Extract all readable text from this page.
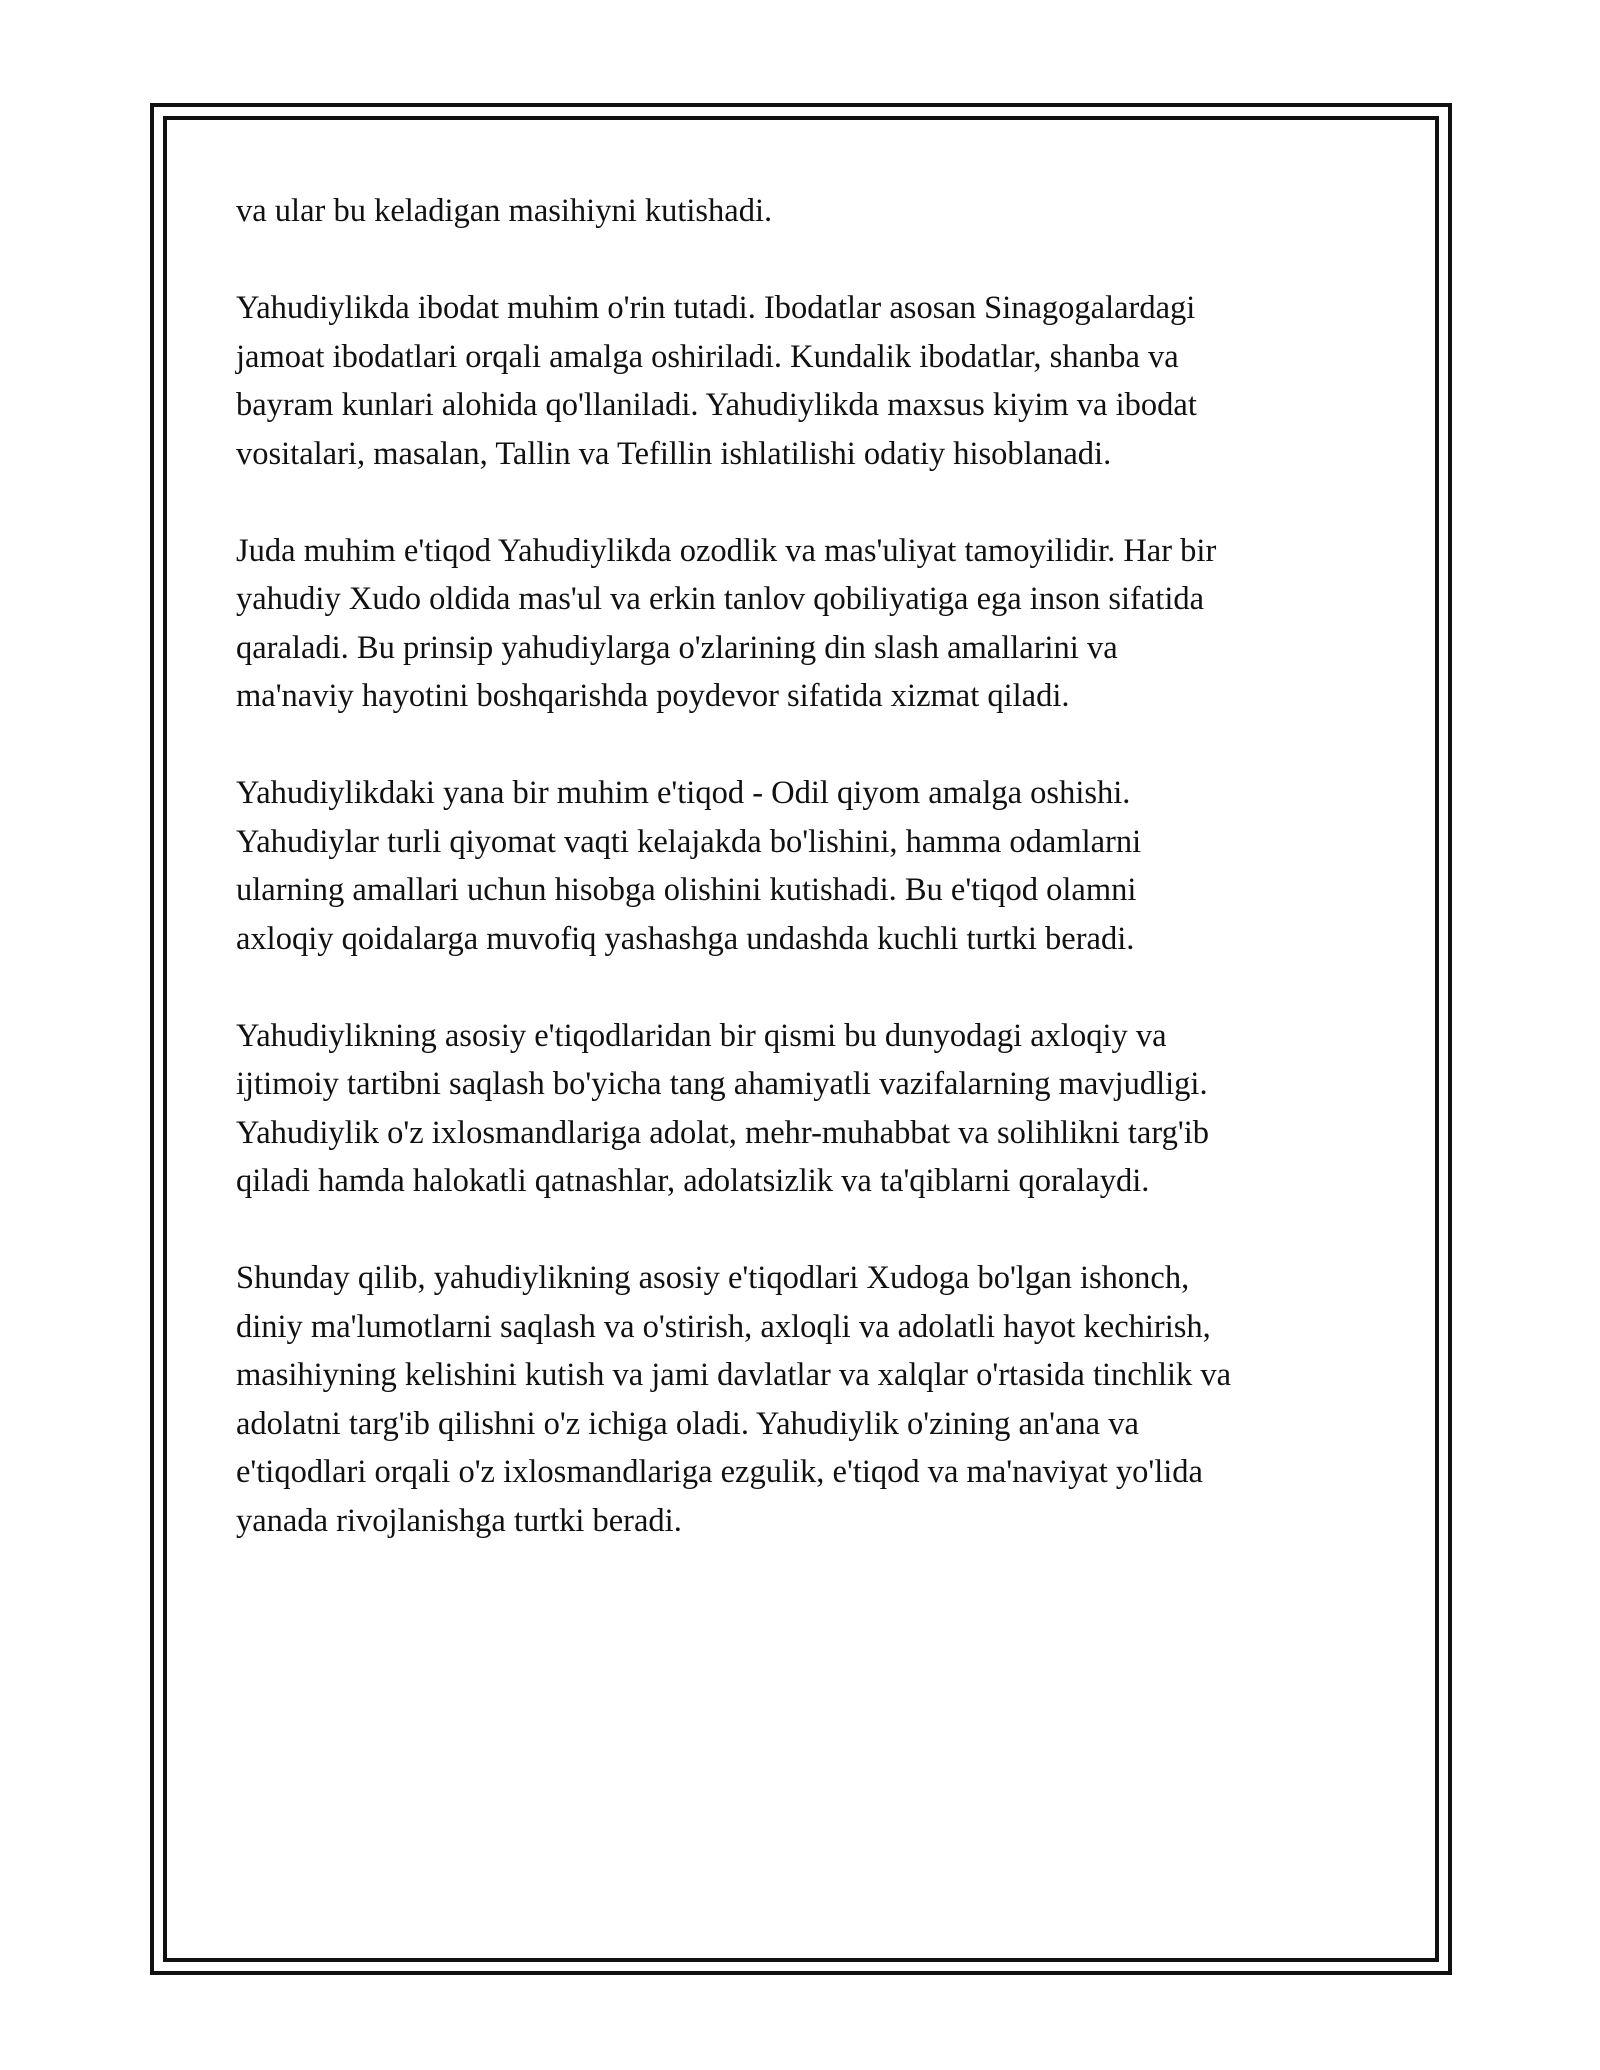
va ular bu keladigan masihiyni kutishadi.

Yahudiylikda ibodat muhim o'rin tutadi. Ibodatlar asosan Sinagogalardagi
jamoat ibodatlari orqali amalga oshiriladi. Kundalik ibodatlar, shanba va
bayram kunlari alohida qo'llaniladi. Yahudiylikda maxsus kiyim va ibodat
vositalari, masalan, Tallin va Tefillin ishlatilishi odatiy hisoblanadi.

Juda muhim e'tiqod Yahudiylikda ozodlik va mas'uliyat tamoyilidir. Har bir
yahudiy Xudo oldida mas'ul va erkin tanlov qobiliyatiga ega inson sifatida
qaraladi. Bu prinsip yahudiylarga o'zlarining din slash amallarini va
ma'naviy hayotini boshqarishda poydevor sifatida xizmat qiladi.

Yahudiylikdaki yana bir muhim e'tiqod - Odil qiyom amalga oshishi.
Yahudiylar turli qiyomat vaqti kelajakda bo'lishini, hamma odamlarni
ularning amallari uchun hisobga olishini kutishadi. Bu e'tiqod olamni
axloqiy qoidalarga muvofiq yashashga undashda kuchli turtki beradi.

Yahudiylikning asosiy e'tiqodlaridan bir qismi bu dunyodagi axloqiy va
ijtimoiy tartibni saqlash bo'yicha tang ahamiyatli vazifalarning mavjudligi.
Yahudiylik o'z ixlosmandlariga adolat, mehr-muhabbat va solihlikni targ'ib
qiladi hamda halokatli qatnashlar, adolatsizlik va ta'qiblarni qoralaydi.

Shunday qilib, yahudiylikning asosiy e'tiqodlari Xudoga bo'lgan ishonch,
diniy ma'lumotlarni saqlash va o'stirish, axloqli va adolatli hayot kechirish,
masihiyning kelishini kutish va jami davlatlar va xalqlar o'rtasida tinchlik va
adolatni targ'ib qilishni o'z ichiga oladi. Yahudiylik o'zining an'ana va
e'tiqodlari orqali o'z ixlosmandlariga ezgulik, e'tiqod va ma'naviyat yo'lida
yanada rivojlanishga turtki beradi.
